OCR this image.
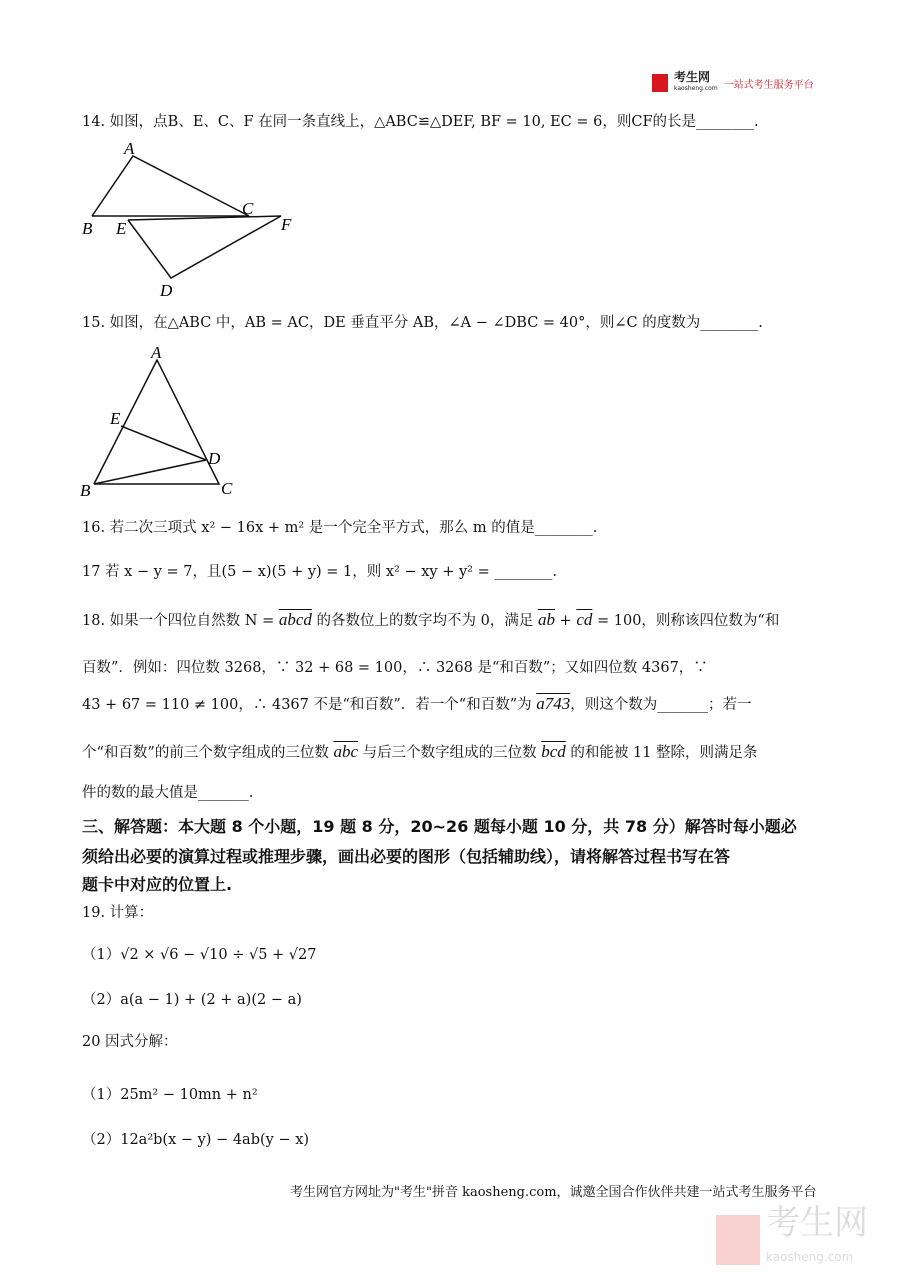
考生网
kaosheng.com 一站式考生服务平台
14. 如图，点B、E、C、F 在同一条直线上，△ABC≌△DEF, BF = 10, EC = 6，则CF的长是________.
15. 如图，在△ABC 中，AB = AC，DE 垂直平分 AB，∠A − ∠DBC = 40°，则∠C 的度数为________.
16. 若二次三项式 x² − 16x + m² 是一个完全平方式，那么 m 的值是________.
17 若 x − y = 7，且(5 − x)(5 + y) = 1，则 x² − xy + y² = ________.
18. 如果一个四位自然数 N = abcd 的各数位上的数字均不为 0，满足 $\overline{ab} + \overline{cd} = 100$，则称该四位数为“和
百数”．例如：四位数 3268，∵ 32 + 68 = 100，∴ 3268 是“和百数”；又如四位数 4367，∵
43 + 67 = 110 ≠ 100，∴ 4367 不是“和百数”．若一个“和百数”为 a743，则这个数为_______；若一
个“和百数”的前三个数字组成的三位数 $\overline{abc}$ 与后三个数字组成的三位数 $\overline{bcd}$ 的和能被 11 整除，则满足条
件的数的最大值是_______.
三、解答题：本大题 8 个小题，19 题 8 分，20~26 题每小题 10 分，共 78 分）解答时每小题必
须给出必要的演算过程或推理步骤，画出必要的图形（包括辅助线），请将解答过程书写在答
题卡中对应的位置上.
19. 计算：
（1）√2 × √6 − √10 ÷ √5 + √27
（2）a(a − 1) + (2 + a)(2 − a)
20 因式分解：
（1）25m² − 10mn + n²
（2）12a²b(x − y) − 4ab(y − x)
A
B
C
D
E	F
A
B	C
D
E
考生网官方网址为"考生"拼音 kaosheng.com，诚邀全国合作伙伴共建一站式考生服务平台
考生网
kaosheng.com
